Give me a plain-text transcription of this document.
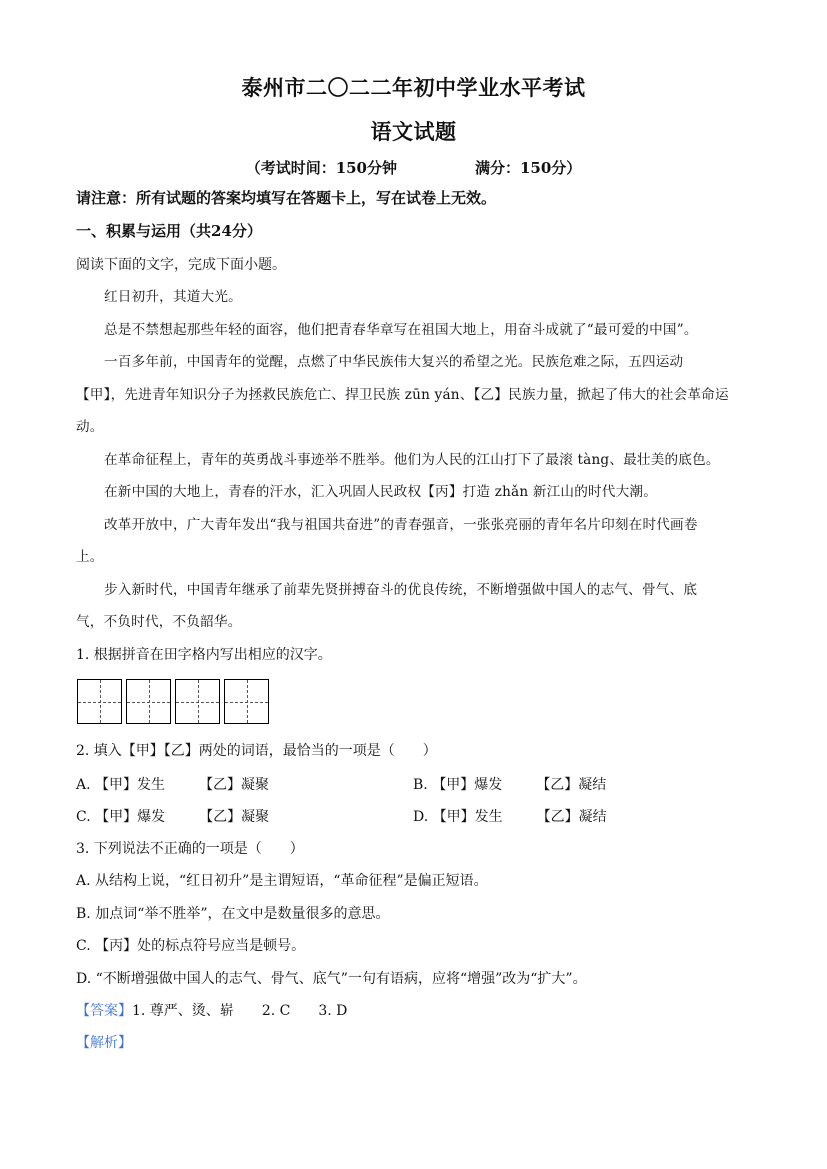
泰州市二〇二二年初中学业水平考试
语文试题
（考试时间：150分钟	满分：150分）
请注意：所有试题的答案均填写在答题卡上，写在试卷上无效。
一、积累与运用（共24分）
阅读下面的文字，完成下面小题。
红日初升，其道大光。
总是不禁想起那些年轻的面容，他们把青春华章写在祖国大地上，用奋斗成就了“最可爱的中国”。
一百多年前，中国青年的觉醒，点燃了中华民族伟大复兴的希望之光。民族危难之际，五四运动
【甲】，先进青年知识分子为拯救民族危亡、捍卫民族 zūn yán、【乙】民族力量，掀起了伟大的社会革命运
动。
在革命征程上，青年的英勇战斗事迹举不胜举。他们为人民的江山打下了最滚 tàng、最壮美的底色。
在新中国的大地上，青春的汗水，汇入巩固人民政权【丙】打造 zhǎn 新江山的时代大潮。
改革开放中，广大青年发出“我与祖国共奋进”的青春强音，一张张亮丽的青年名片印刻在时代画卷
上。
步入新时代，中国青年继承了前辈先贤拼搏奋斗的优良传统，不断增强做中国人的志气、骨气、底
气，不负时代，不负韶华。
1. 根据拼音在田字格内写出相应的汉字。
2. 填入【甲】【乙】两处的词语，最恰当的一项是（　　）
A. 【甲】发生 【乙】凝聚	B. 【甲】爆发 【乙】凝结
C. 【甲】爆发 【乙】凝聚	D. 【甲】发生 【乙】凝结
3. 下列说法不正确的一项是（　　）
A. 从结构上说，“红日初升”是主谓短语，“革命征程”是偏正短语。
B. 加点词“举不胜举”，在文中是数量很多的意思。
C. 【丙】处的标点符号应当是顿号。
D. “不断增强做中国人的志气、骨气、底气”一句有语病，应将“增强”改为“扩大”。
【答案】1. 尊严、烫、崭 2. C 3. D
【解析】
